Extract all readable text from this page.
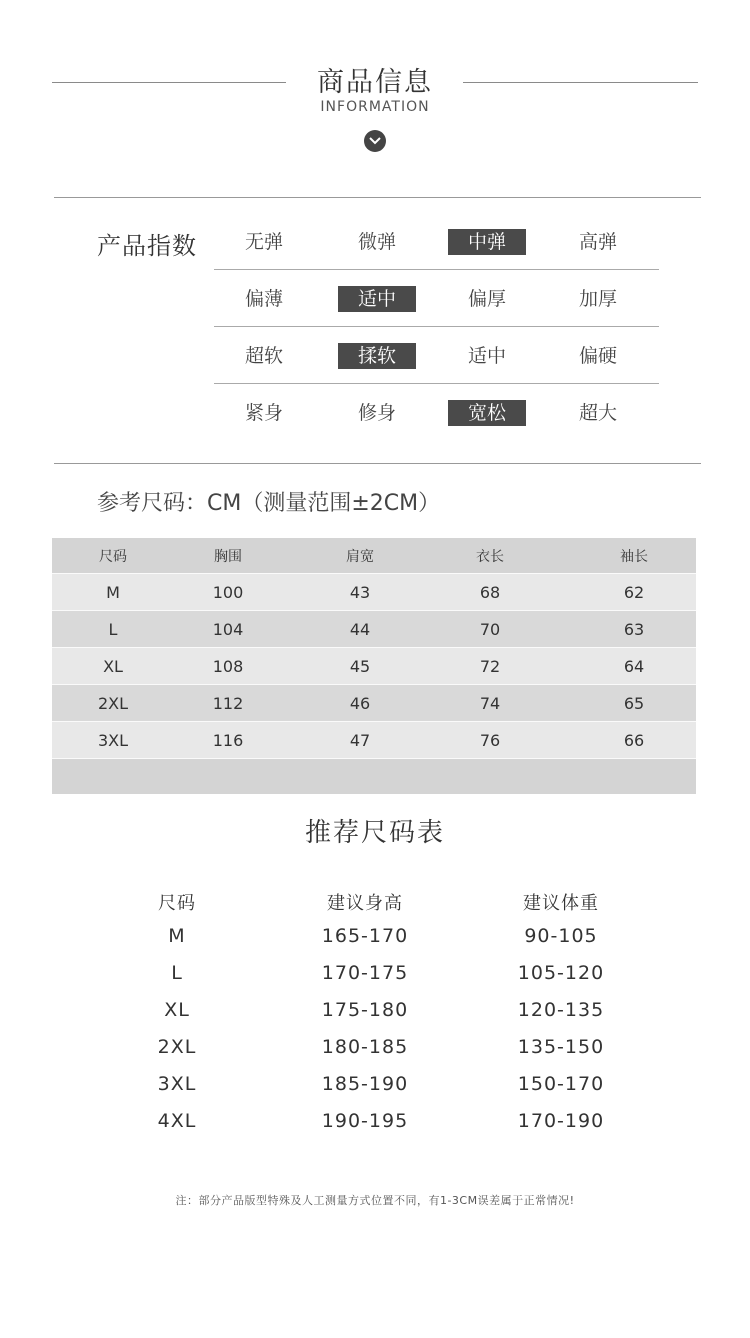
商品信息
INFORMATION
产品指数	无弹	微弹	中弹	高弹
偏薄	适中	偏厚	加厚
超软	揉软	适中	偏硬
紧身	修身	宽松	超大
参考尺码：CM（测量范围±2CM）
尺码	胸围	肩宽	衣长	袖长
M	100	43	68	62
L	104	44	70	63
XL	108	45	72	64
2XL	112	46	74	65
3XL	116	47	76	66
推荐尺码表
尺码	建议身高	建议体重
M	165-170	90-105
L	170-175	105-120
XL	175-180	120-135
2XL	180-185	135-150
3XL	185-190	150-170
4XL	190-195	170-190
注：部分产品版型特殊及人工测量方式位置不同，有1-3CM误差属于正常情况!
